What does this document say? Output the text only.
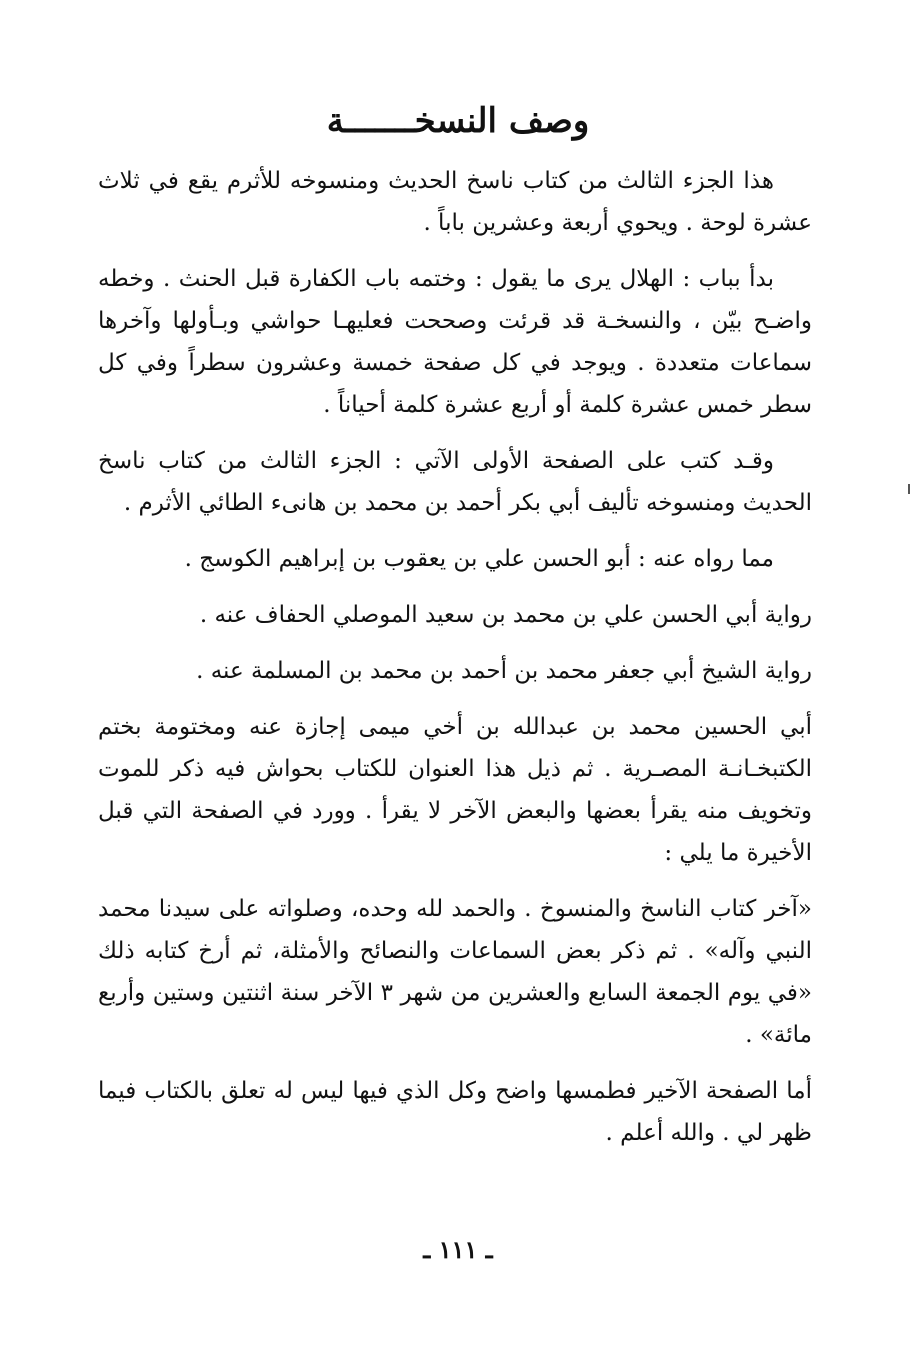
وصف النسخـــــــة

هذا الجزء الثالث من كتاب ناسخ الحديث ومنسوخه للأثرم يقع في ثلاث عشرة لوحة . ويحوي أربعة وعشرين باباً .

بدأ بباب : الهلال يرى ما يقول : وختمه باب الكفارة قبل الحنث . وخطه واضـح بيّن ، والنسخـة قد قرئت وصححت فعليهـا حواشي وبـأولها وآخرها سماعات متعددة . ويوجد في كل صفحة خمسة وعشرون سطراً وفي كل سطر خمس عشرة كلمة أو أربع عشرة كلمة أحياناً .

وقـد كتب على الصفحة الأولى الآتي : الجزء الثالث من كتاب ناسخ الحديث ومنسوخه تأليف أبي بكر أحمد بن محمد بن هانىء الطائي الأثرم .

مما رواه عنه : أبو الحسن علي بن يعقوب بن إبراهيم الكوسج .

رواية أبي الحسن علي بن محمد بن سعيد الموصلي الحفاف عنه .

رواية الشيخ أبي جعفر محمد بن أحمد بن محمد بن المسلمة عنه .

أبي الحسين محمد بن عبدالله بن أخي ميمى إجازة عنه ومختومة بختم الكتبخـانـة المصـرية . ثم ذيل هذا العنوان للكتاب بحواش فيه ذكر للموت وتخويف منه يقرأ بعضها والبعض الآخر لا يقرأ . وورد في الصفحة التي قبل الأخيرة ما يلي :

«آخر كتاب الناسخ والمنسوخ . والحمد لله وحده، وصلواته على سيدنا محمد النبي وآله» . ثم ذكر بعض السماعات والنصائح والأمثلة، ثم أرخ كتابه ذلك «في يوم الجمعة السابع والعشرين من شهر ٣ الآخر سنة اثنتين وستين وأربع مائة» .

أما الصفحة الآخير فطمسها واضح وكل الذي فيها ليس له تعلق بالكتاب فيما ظهر لي . والله أعلم .

ـ ١١١ ـ
